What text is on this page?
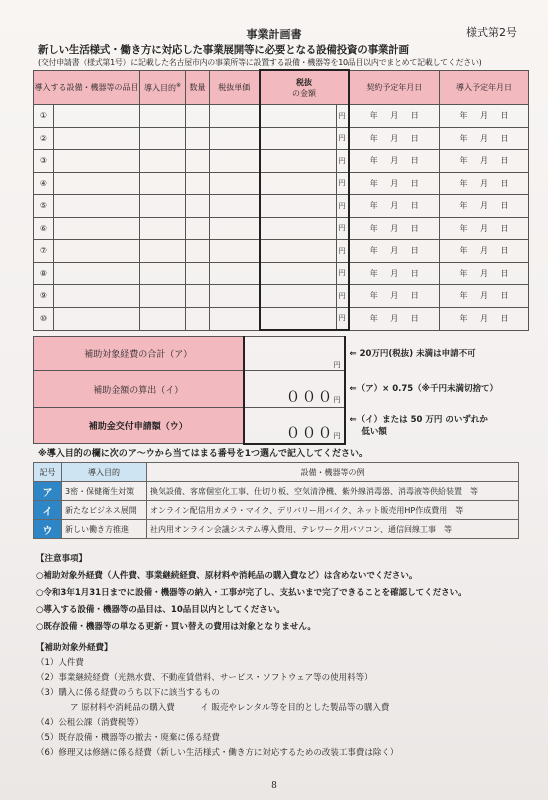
事業計画書	様式第2号
新しい生活様式・働き方に対応した事業展開等に必要となる設備投資の事業計画
(交付申請書（様式第1号）に記載した名古屋市内の事業所等に設置する設備・機器等を10品目以内でまとめて記載してください)
導入する設備・機器等の品目		導入目的※	数量	税抜単価	税抜
の金額		契約予定年月日	導入予定年月日
①						円	年 月 日	年 月 日
②						円	年 月 日	年 月 日
③						円	年 月 日	年 月 日
④						円	年 月 日	年 月 日
⑤						円	年 月 日	年 月 日
⑥						円	年 月 日	年 月 日
⑦						円	年 月 日	年 月 日
⑧						円	年 月 日	年 月 日
⑨						円	年 月 日	年 月 日
⑩						円	年 月 日	年 月 日
補助対象経費の合計（ア）	円	⇐ 20万円(税抜) 未満は申請不可
補助金額の算出（イ）	０００円	⇐（ア）× 0.75（※千円未満切捨て）
補助金交付申請額（ウ）	０００円	⇐（イ）または 50 万円 のいずれか
低い額
※導入目的の欄に次のア～ウから当てはまる番号を1つ選んで記入してください。
記号	導入目的	設備・機器等の例
ア	3密・保健衛生対策	換気設備、客席個室化工事、仕切り板、空気清浄機、紫外線消毒器、消毒液等供給装置　等
イ	新たなビジネス展開	オンライン配信用カメラ・マイク、デリバリー用バイク、ネット販売用HP作成費用　等
ウ	新しい働き方推進	社内用オンライン会議システム導入費用、テレワーク用パソコン、通信回線工事　等
【注意事項】
○補助対象外経費（人件費、事業継続経費、原材料や消耗品の購入費など）は含めないでください。
○令和3年1月31日までに設備・機器等の納入・工事が完了し、支払いまで完了できることを確認してください。
○導入する設備・機器等の品目は、10品目以内としてください。
○既存設備・機器等の単なる更新・買い替えの費用は対象となりません。
【補助対象外経費】
（1）人件費
（2）事業継続経費（光熱水費、不動産賃借料、サービス・ソフトウェア等の使用料等）
（3）購入に係る経費のうち以下に該当するもの
ア 原材料や消耗品の購入費　　　イ 販売やレンタル等を目的とした製品等の購入費
（4）公租公課（消費税等）
（5）既存設備・機器等の撤去・廃棄に係る経費
（6）修理又は修繕に係る経費（新しい生活様式・働き方に対応するための改装工事費は除く）
8
